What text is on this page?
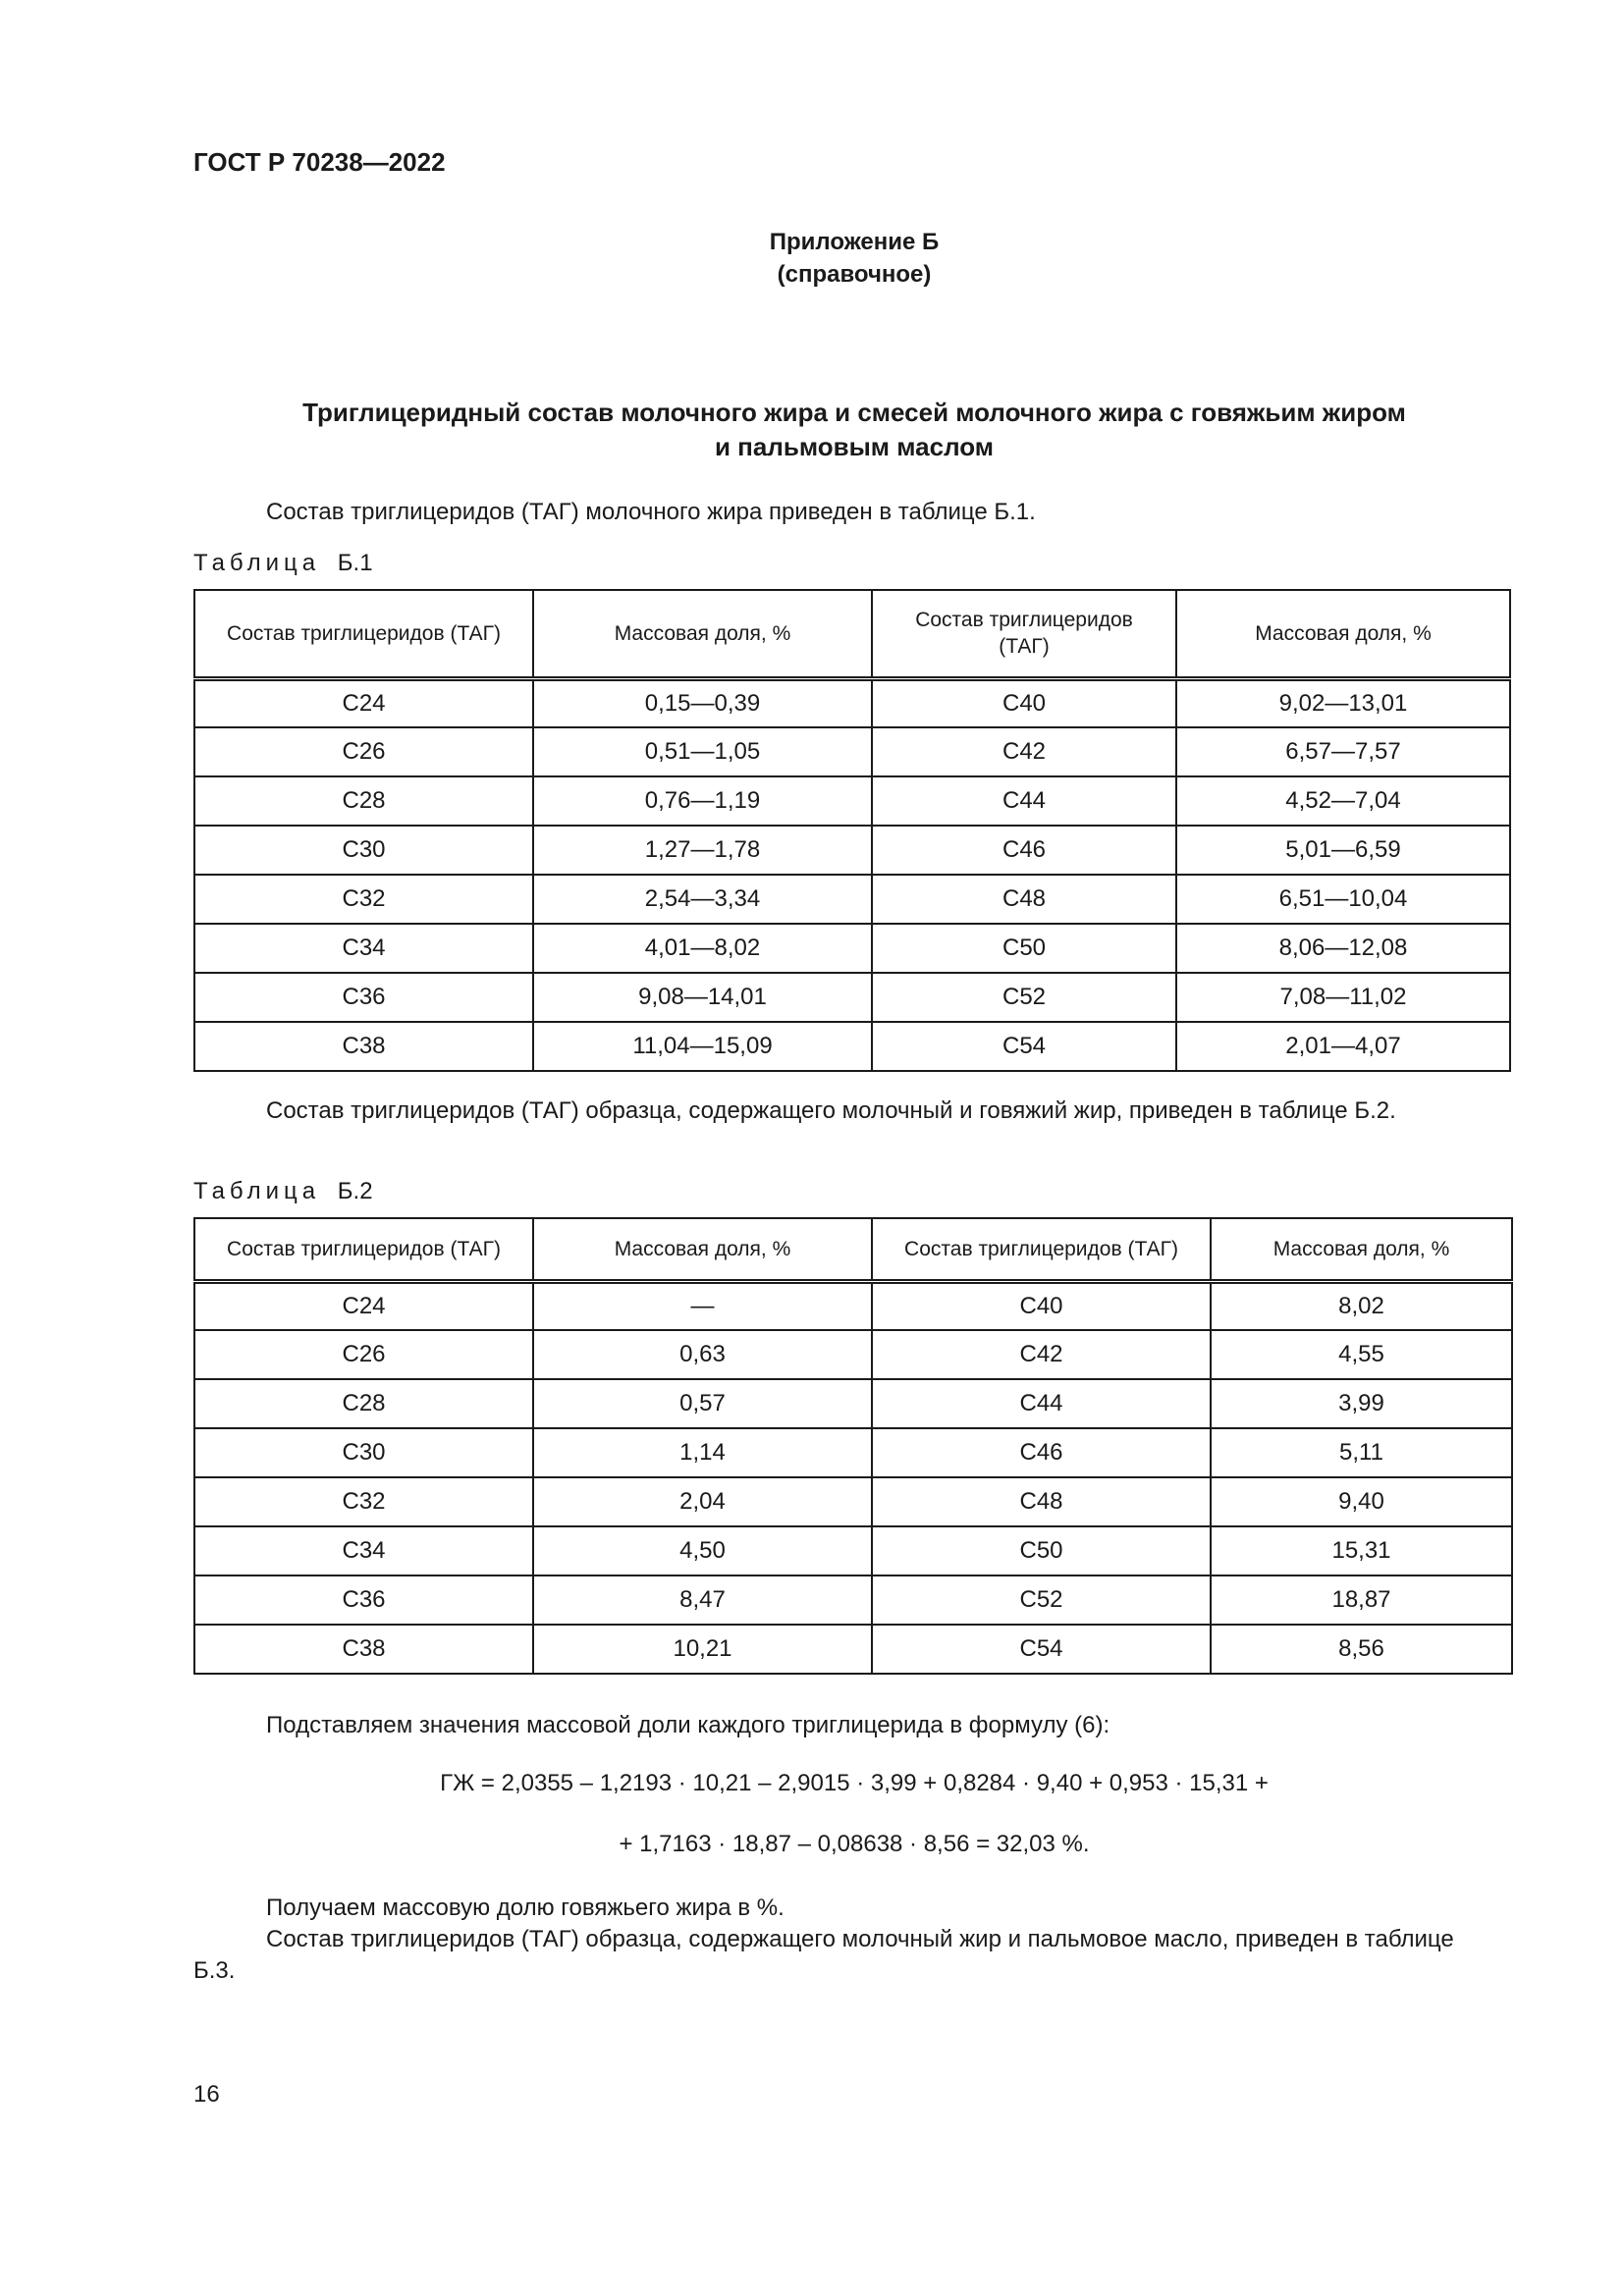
ГОСТ Р 70238—2022
Приложение Б
(справочное)
Триглицеридный состав молочного жира и смесей молочного жира с говяжьим жиром
и пальмовым маслом
Состав триглицеридов (ТАГ) молочного жира приведен в таблице Б.1.
Таблица Б.1
Состав триглицеридов (ТАГ)	Массовая доля, %	Состав триглицеридов (ТАГ)	Массовая доля, %
C24	0,15—0,39	C40	9,02—13,01
C26	0,51—1,05	C42	6,57—7,57
C28	0,76—1,19	C44	4,52—7,04
C30	1,27—1,78	C46	5,01—6,59
C32	2,54—3,34	C48	6,51—10,04
C34	4,01—8,02	C50	8,06—12,08
C36	9,08—14,01	C52	7,08—11,02
C38	11,04—15,09	C54	2,01—4,07
Состав триглицеридов (ТАГ) образца, содержащего молочный и говяжий жир, приведен в таблице Б.2.
Таблица Б.2
Состав триглицеридов (ТАГ)	Массовая доля, %	Состав триглицеридов (ТАГ)	Массовая доля, %
C24	—	C40	8,02
C26	0,63	C42	4,55
C28	0,57	C44	3,99
C30	1,14	C46	5,11
C32	2,04	C48	9,40
C34	4,50	C50	15,31
C36	8,47	C52	18,87
C38	10,21	C54	8,56
Подставляем значения массовой доли каждого триглицерида в формулу (6):
ГЖ = 2,0355 – 1,2193 · 10,21 – 2,9015 · 3,99 + 0,8284 · 9,40 + 0,953 · 15,31 +
+ 1,7163 · 18,87 – 0,08638 · 8,56 = 32,03 %.
Получаем массовую долю говяжьего жира в %.
Состав триглицеридов (ТАГ) образца, содержащего молочный жир и пальмовое масло, приведен в таблице
Б.3.
16
